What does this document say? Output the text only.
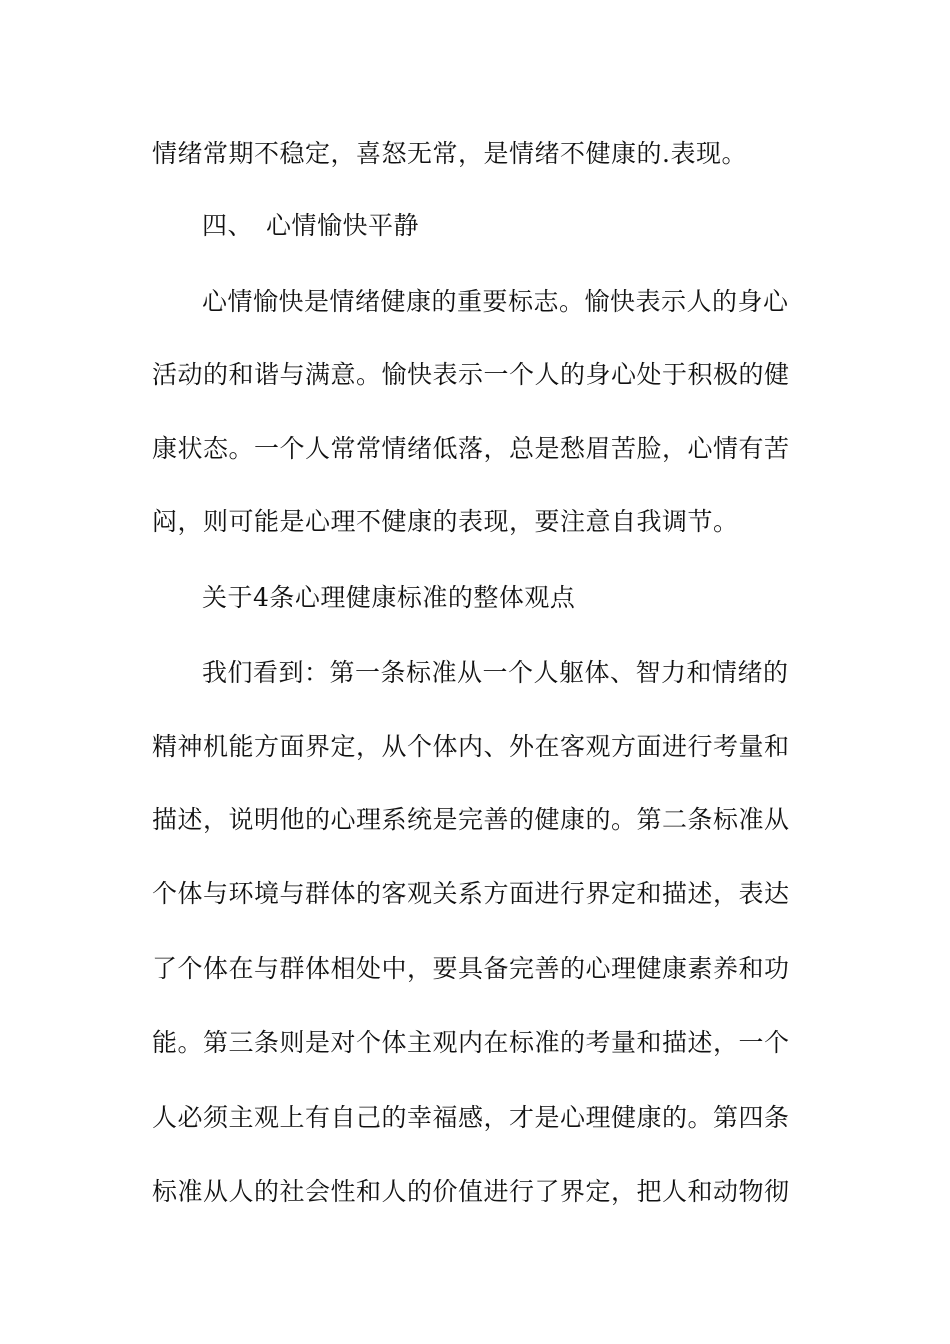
情绪常期不稳定，喜怒无常，是情绪不健康的.表现。
四、 心情愉快平静
心情愉快是情绪健康的重要标志。愉快表示人的身心
活动的和谐与满意。愉快表示一个人的身心处于积极的健
康状态。一个人常常情绪低落，总是愁眉苦脸，心情有苦
闷，则可能是心理不健康的表现，要注意自我调节。
关于4条心理健康标准的整体观点
我们看到：第一条标准从一个人躯体、智力和情绪的
精神机能方面界定，从个体内、外在客观方面进行考量和
描述，说明他的心理系统是完善的健康的。第二条标准从
个体与环境与群体的客观关系方面进行界定和描述，表达
了个体在与群体相处中，要具备完善的心理健康素养和功
能。第三条则是对个体主观内在标准的考量和描述，一个
人必须主观上有自己的幸福感，才是心理健康的。第四条
标准从人的社会性和人的价值进行了界定，把人和动物彻
